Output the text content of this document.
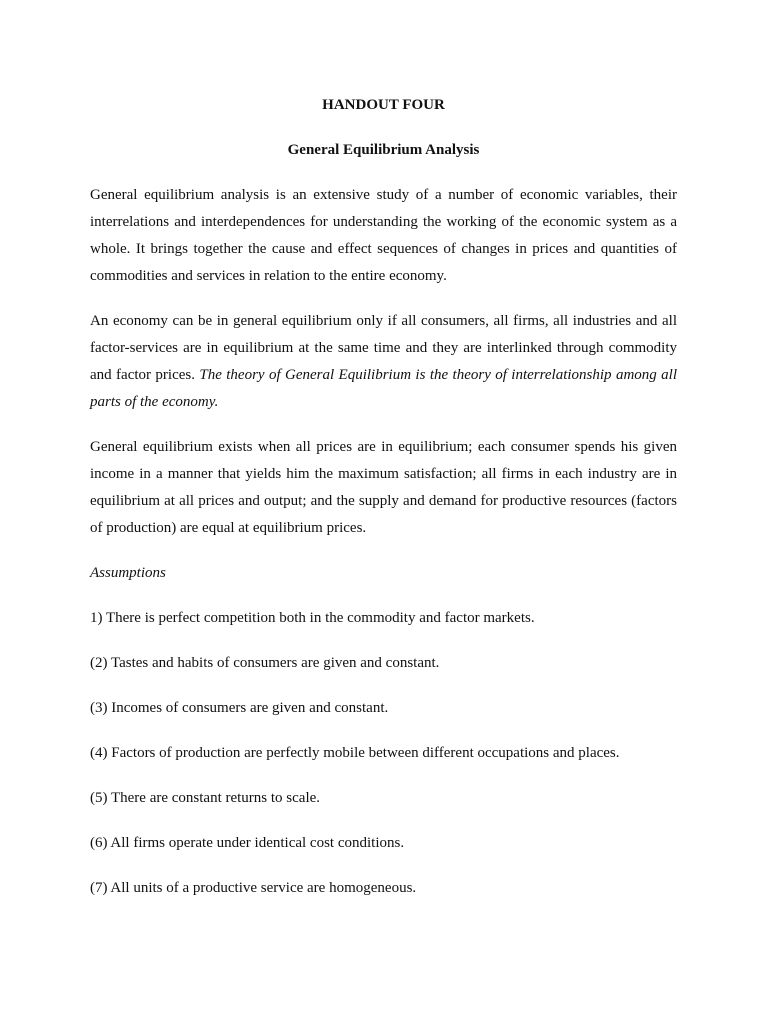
HANDOUT FOUR

General Equilibrium Analysis

General equilibrium analysis is an extensive study of a number of economic variables, their interrelations and interdependences for understanding the working of the economic system as a whole. It brings together the cause and effect sequences of changes in prices and quantities of commodities and services in relation to the entire economy.

An economy can be in general equilibrium only if all consumers, all firms, all industries and all factor-services are in equilibrium at the same time and they are interlinked through commodity and factor prices. The theory of General Equilibrium is the theory of interrelationship among all parts of the economy.

General equilibrium exists when all prices are in equilibrium; each consumer spends his given income in a manner that yields him the maximum satisfaction; all firms in each industry are in equilibrium at all prices and output; and the supply and demand for productive resources (factors of production) are equal at equilibrium prices.

Assumptions

1) There is perfect competition both in the commodity and factor markets.

(2) Tastes and habits of consumers are given and constant.

(3) Incomes of consumers are given and constant.

(4) Factors of production are perfectly mobile between different occupations and places.

(5) There are constant returns to scale.

(6) All firms operate under identical cost conditions.

(7) All units of a productive service are homogeneous.
